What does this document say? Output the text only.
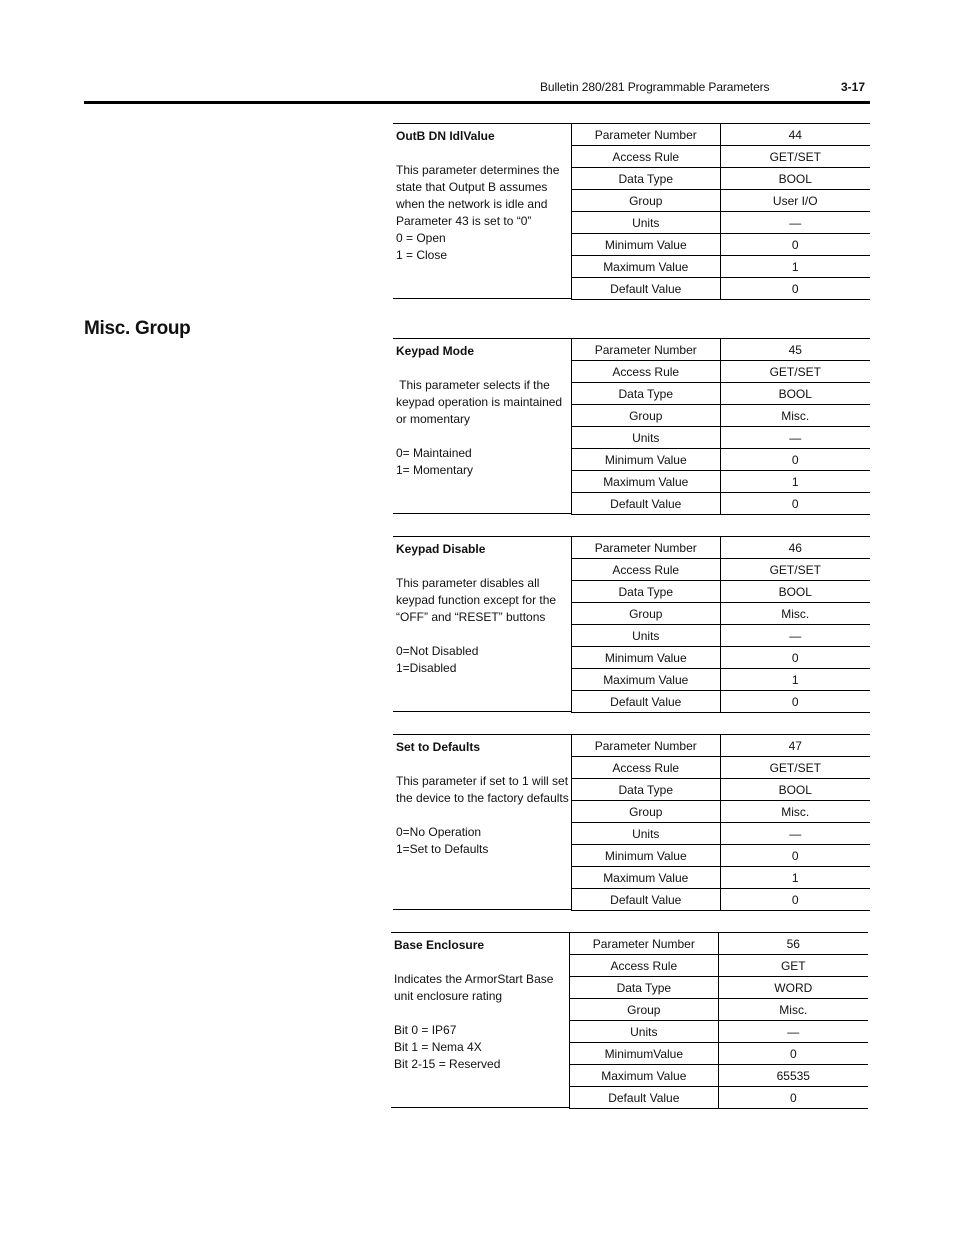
Bulletin 280/281 Programmable Parameters	3-17
Misc. Group
OutB DN IdlValue
This parameter determines the
state that Output B assumes
when the network is idle and
Parameter 43 is set to “0”
0 = Open
1 = Close
Parameter Number	44
Access Rule	GET/SET
Data Type	BOOL
Group	User I/O
Units	—
Minimum Value	0
Maximum Value	1
Default Value	0
Keypad Mode
This parameter selects if the
keypad operation is maintained
or momentary

0= Maintained
1= Momentary
Parameter Number	45
Access Rule	GET/SET
Data Type	BOOL
Group	Misc.
Units	—
Minimum Value	0
Maximum Value	1
Default Value	0
Keypad Disable
This parameter disables all
keypad function except for the
“OFF” and “RESET” buttons

0=Not Disabled
1=Disabled
Parameter Number	46
Access Rule	GET/SET
Data Type	BOOL
Group	Misc.
Units	—
Minimum Value	0
Maximum Value	1
Default Value	0
Set to Defaults
This parameter if set to 1 will set
the device to the factory defaults

0=No Operation
1=Set to Defaults
Parameter Number	47
Access Rule	GET/SET
Data Type	BOOL
Group	Misc.
Units	—
Minimum Value	0
Maximum Value	1
Default Value	0
Base Enclosure
Indicates the ArmorStart Base
unit enclosure rating

Bit 0 = IP67
Bit 1 = Nema 4X
Bit 2-15 = Reserved
Parameter Number	56
Access Rule	GET
Data Type	WORD
Group	Misc.
Units	—
MinimumValue	0
Maximum Value	65535
Default Value	0
